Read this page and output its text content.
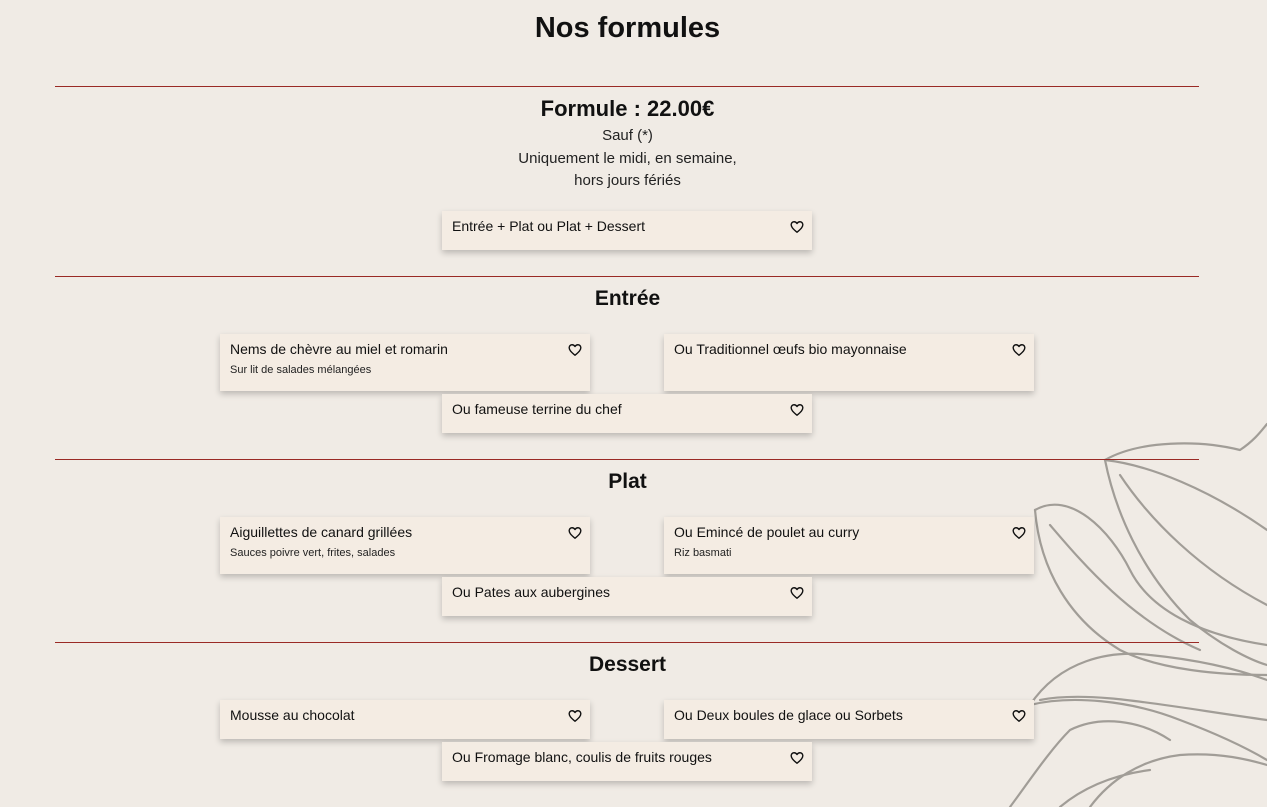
Nos formules
Formule : 22.00€
Sauf (*)
Uniquement le midi, en semaine,
hors jours fériés
Entrée + Plat ou Plat + Dessert
Entrée
Nems de chèvre au miel et romarin
Sur lit de salades mélangées
Ou Traditionnel œufs bio mayonnaise
Ou fameuse terrine du chef
Plat
Aiguillettes de canard grillées
Sauces poivre vert, frites, salades
Ou Emincé de poulet au curry
Riz basmati
Ou Pates aux aubergines
Dessert
Mousse au chocolat	Ou Deux boules de glace ou Sorbets
Ou Fromage blanc, coulis de fruits rouges
